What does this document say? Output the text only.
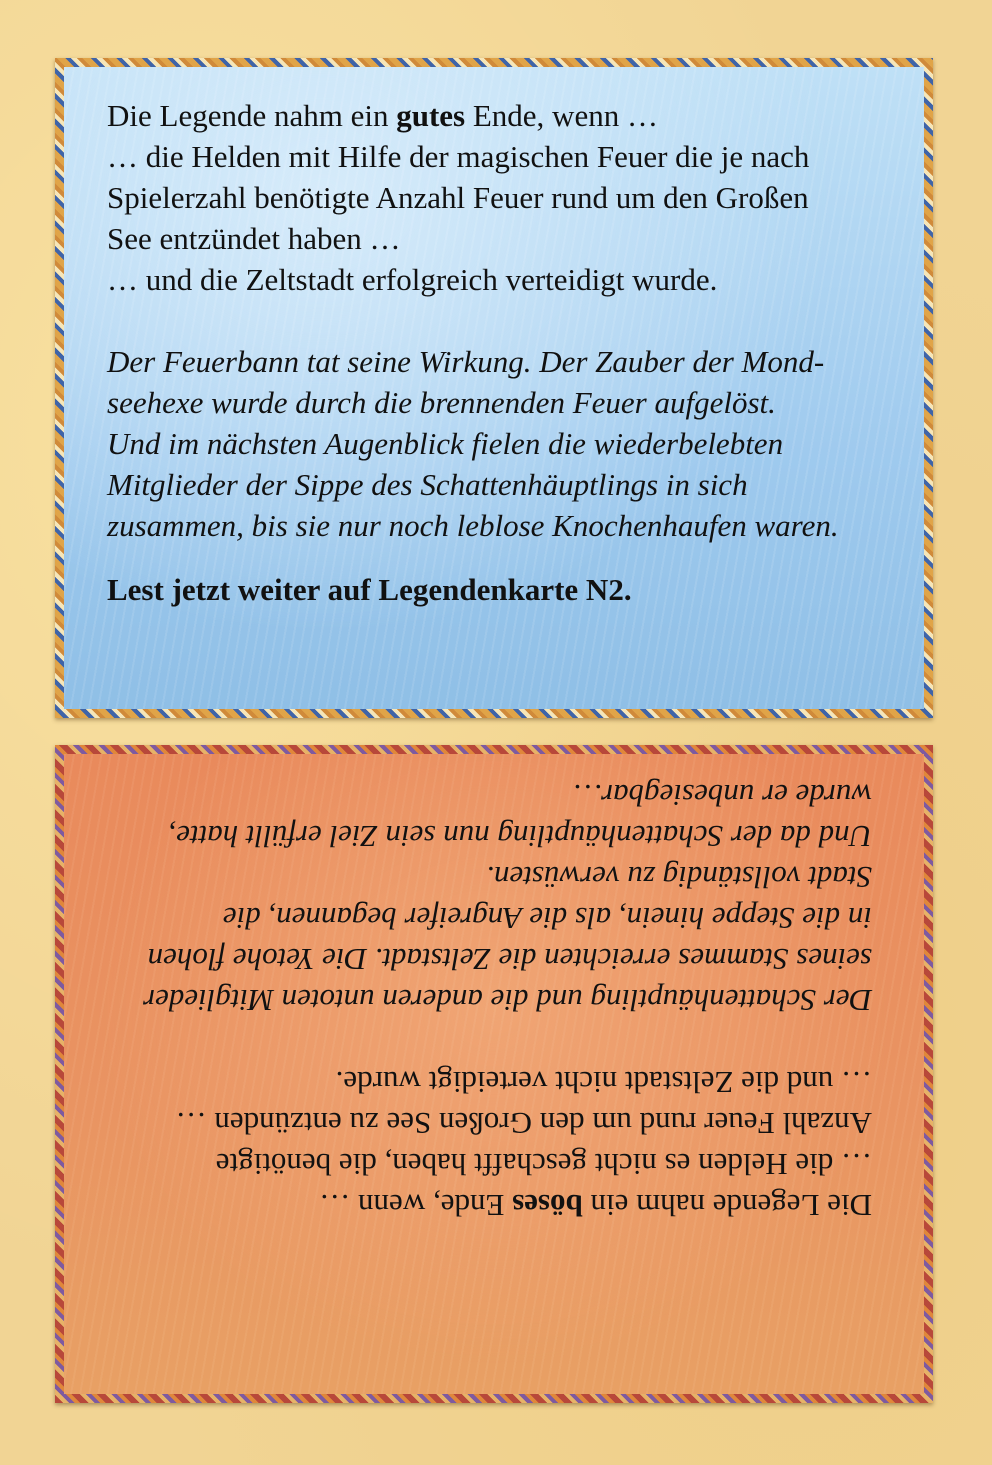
Die Legende nahm ein gutes Ende, wenn …
… die Helden mit Hilfe der magischen Feuer die je nach
Spielerzahl benötigte Anzahl Feuer rund um den Großen
See entzündet haben …
… und die Zeltstadt erfolgreich verteidigt wurde.
Der Feuerbann tat seine Wirkung. Der Zauber der Mond-
seehexe wurde durch die brennenden Feuer aufgelöst.
Und im nächsten Augenblick fielen die wiederbelebten
Mitglieder der Sippe des Schattenhäuptlings in sich
zusammen, bis sie nur noch leblose Knochenhaufen waren.
Lest jetzt weiter auf Legendenkarte N2.
Die Legende nahm ein böses Ende, wenn …
… die Helden es nicht geschafft haben, die benötigte
Anzahl Feuer rund um den Großen See zu entzünden …
… und die Zeltstadt nicht verteidigt wurde.
Der Schattenhäuptling und die anderen untoten Mitglieder
seines Stammes erreichten die Zeltstadt. Die Yetohe flohen
in die Steppe hinein, als die Angreifer begannen, die
Stadt vollständig zu verwüsten.
Und da der Schattenhäuptling nun sein Ziel erfüllt hatte,
wurde er unbesiegbar…
